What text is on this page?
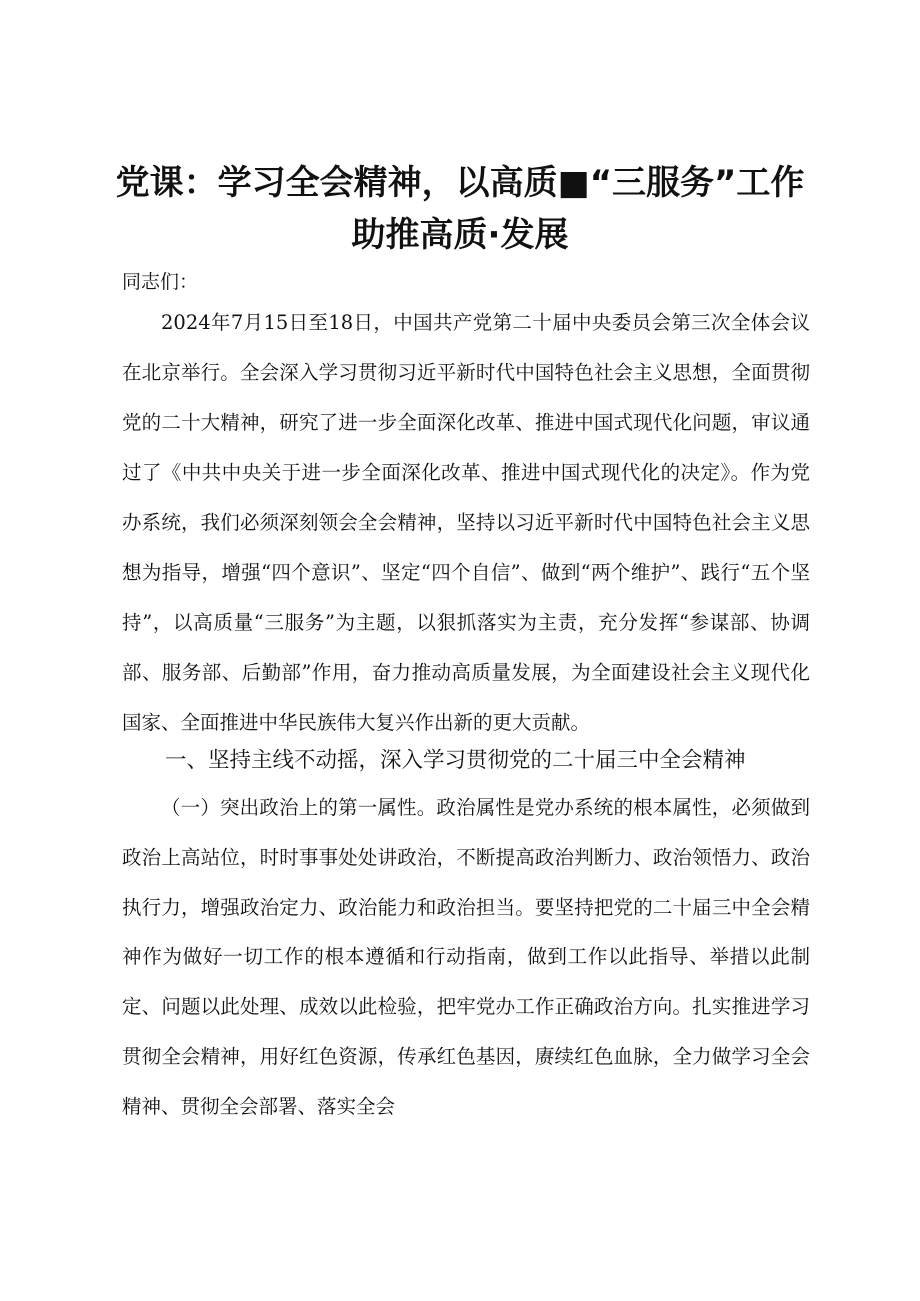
党课：学习全会精神，以高质■“三服务”工作
助推高质·发展
同志们：

2024年7月15日至18日，中国共产党第二十届中央委员会第三次全体会议在北京举行。全会深入学习贯彻习近平新时代中国特色社会主义思想，全面贯彻党的二十大精神，研究了进一步全面深化改革、推进中国式现代化问题，审议通过了《中共中央关于进一步全面深化改革、推进中国式现代化的决定》。作为党办系统，我们必须深刻领会全会精神，坚持以习近平新时代中国特色社会主义思想为指导，增强“四个意识”、坚定“四个自信”、做到“两个维护”、践行“五个坚持”，以高质量“三服务”为主题，以狠抓落实为主责，充分发挥“参谋部、协调部、服务部、后勤部”作用，奋力推动高质量发展，为全面建设社会主义现代化国家、全面推进中华民族伟大复兴作出新的更大贡献。

一、坚持主线不动摇，深入学习贯彻党的二十届三中全会精神

（一）突出政治上的第一属性。政治属性是党办系统的根本属性，必须做到政治上高站位，时时事事处处讲政治，不断提高政治判断力、政治领悟力、政治执行力，增强政治定力、政治能力和政治担当。要坚持把党的二十届三中全会精神作为做好一切工作的根本遵循和行动指南，做到工作以此指导、举措以此制定、问题以此处理、成效以此检验，把牢党办工作正确政治方向。扎实推进学习贯彻全会精神，用好红色资源，传承红色基因，赓续红色血脉，全力做学习全会精神、贯彻全会部署、落实全会
